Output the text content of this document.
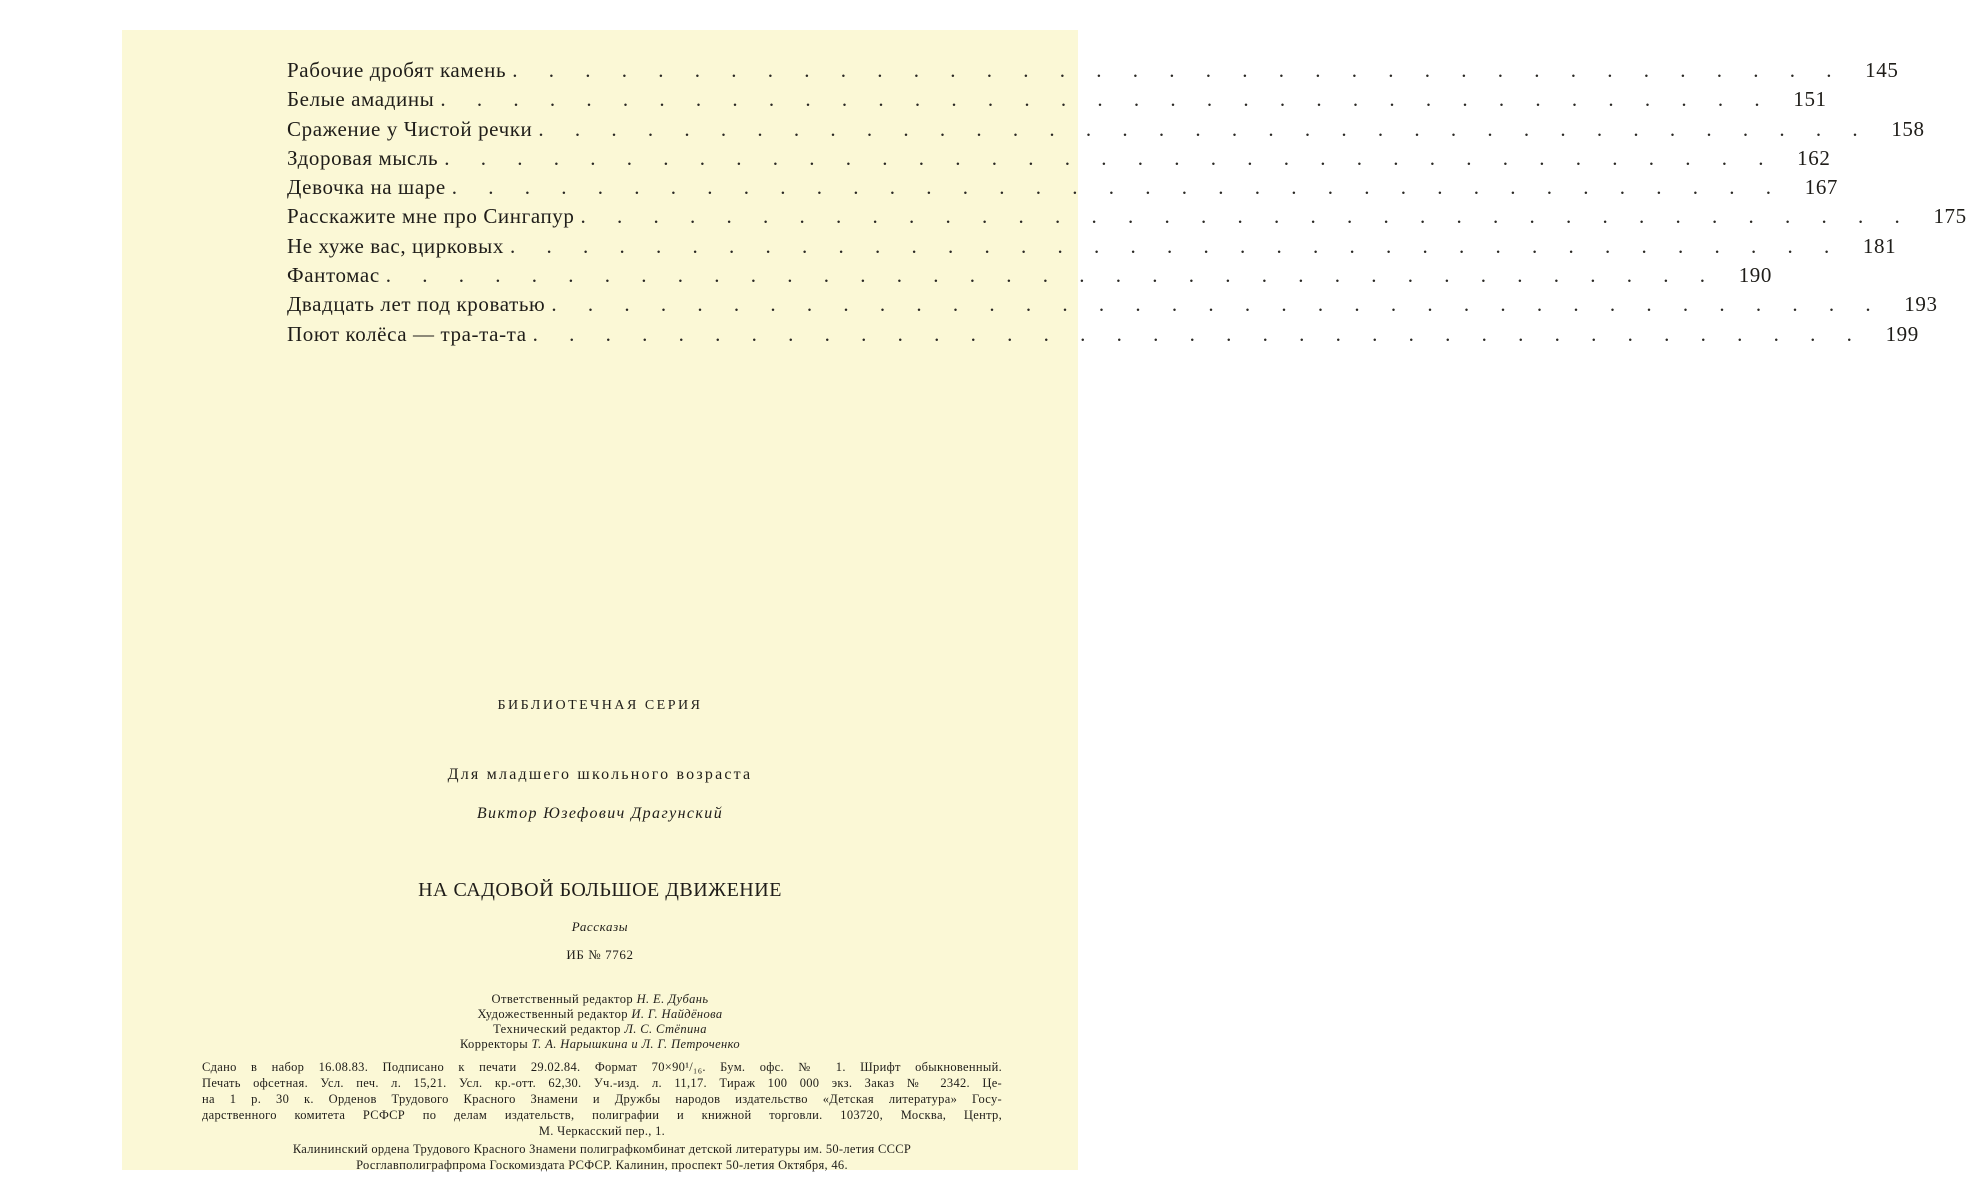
Рабочие дробят камень . . . . . . . . . . . . . . . . . . . . . . . . . . . . . . . . . . . . . 145
Белые амадины . . . . . . . . . . . . . . . . . . . . . . . . . . . . . . . . . . . . . 151
Сражение у Чистой речки . . . . . . . . . . . . . . . . . . . . . . . . . . . . . . . . . . . . . 158
Здоровая мысль . . . . . . . . . . . . . . . . . . . . . . . . . . . . . . . . . . . . . 162
Девочка на шаре . . . . . . . . . . . . . . . . . . . . . . . . . . . . . . . . . . . . . 167
Расскажите мне про Сингапур . . . . . . . . . . . . . . . . . . . . . . . . . . . . . . . . . . . . . 175
Не хуже вас, цирковых . . . . . . . . . . . . . . . . . . . . . . . . . . . . . . . . . . . . . 181
Фантомас . . . . . . . . . . . . . . . . . . . . . . . . . . . . . . . . . . . . . 190
Двадцать лет под кроватью . . . . . . . . . . . . . . . . . . . . . . . . . . . . . . . . . . . . . 193
Поют колёса — тра-та-та . . . . . . . . . . . . . . . . . . . . . . . . . . . . . . . . . . . . . 199
БИБЛИОТЕЧНАЯ СЕРИЯ
Для младшего школьного возраста
Виктор Юзефович Драгунский
НА САДОВОЙ БОЛЬШОЕ ДВИЖЕНИЕ
Рассказы
ИБ № 7762
Ответственный редактор Н. Е. Дубань
Художественный редактор И. Г. Найдёнова
Технический редактор Л. С. Стёпина
Корректоры Т. А. Нарышкина и Л. Г. Петроченко
Сдано в набор 16.08.83. Подписано к печати 29.02.84. Формат 70×90¹/₁₆. Бум. офс. № 1. Шрифт обыкновенный.
Печать офсетная. Усл. печ. л. 15,21. Усл. кр.-отт. 62,30. Уч.-изд. л. 11,17. Тираж 100 000 экз. Заказ № 2342. Це-
на 1 р. 30 к. Орденов Трудового Красного Знамени и Дружбы народов издательство «Детская литература» Госу-
дарственного комитета РСФСР по делам издательств, полиграфии и книжной торговли. 103720, Москва, Центр,
М. Черкасский пер., 1.
Калининский ордена Трудового Красного Знамени полиграфкомбинат детской литературы им. 50-летия СССР
Росглавполиграфпрома Госкомиздата РСФСР. Калинин, проспект 50-летия Октября, 46.
